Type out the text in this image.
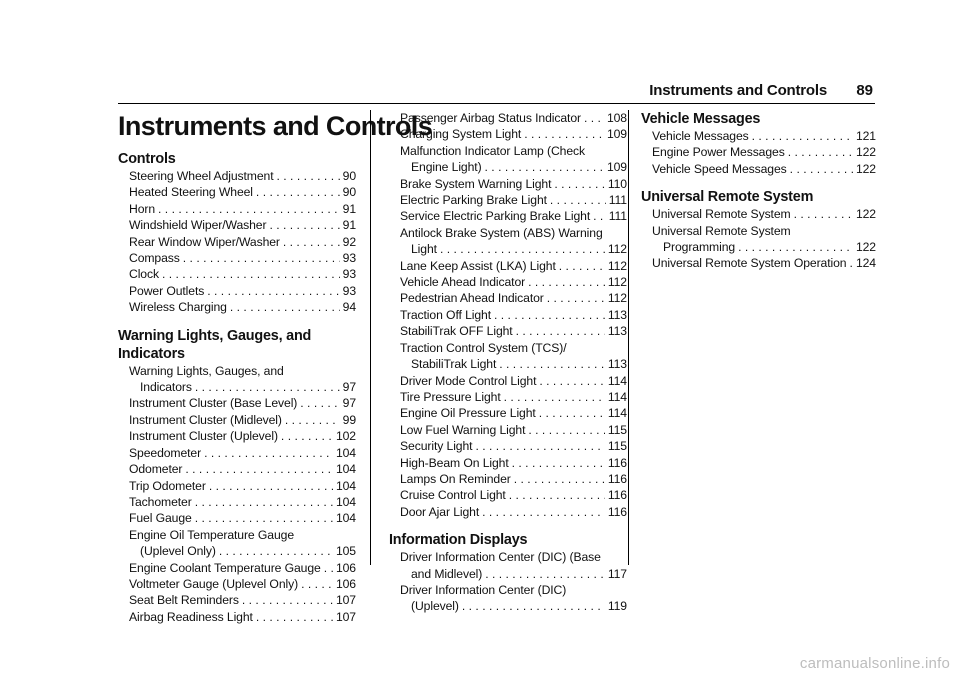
Instruments and Controls 89
Instruments and Controls
Controls
Steering Wheel Adjustment . . .	90
Heated Steering Wheel . . .	90
Horn . . .	91
Windshield Wiper/Washer . . .	91
Rear Window Wiper/Washer . . .	92
Compass . . .	93
Clock . . .	93
Power Outlets . . .	93
Wireless Charging . . .	94
Warning Lights, Gauges, and Indicators
Warning Lights, Gauges, and
Indicators . . .	97
Instrument Cluster (Base Level) . . .	97
Instrument Cluster (Midlevel) . . .	99
Instrument Cluster (Uplevel) . . .	102
Speedometer . . .	104
Odometer . . .	104
Trip Odometer . . .	104
Tachometer . . .	104
Fuel Gauge . . .	104
Engine Oil Temperature Gauge
(Uplevel Only) . . .	105
Engine Coolant Temperature Gauge . . . 106
Voltmeter Gauge (Uplevel Only) . . .	106
Seat Belt Reminders . . .	107
Airbag Readiness Light . . .	107
Passenger Airbag Status Indicator . . . 108
Charging System Light . . .	109
Malfunction Indicator Lamp (Check
Engine Light) . . .	109
Brake System Warning Light . . .	110
Electric Parking Brake Light . . .	111
Service Electric Parking Brake Light . . . 111
Antilock Brake System (ABS) Warning
Light . . .	112
Lane Keep Assist (LKA) Light . . .	112
Vehicle Ahead Indicator . . .	112
Pedestrian Ahead Indicator . . .	112
Traction Off Light . . .	113
StabiliTrak OFF Light . . .	113
Traction Control System (TCS)/
StabiliTrak Light . . .	113
Driver Mode Control Light . . .	114
Tire Pressure Light . . .	114
Engine Oil Pressure Light . . .	114
Low Fuel Warning Light . . .	115
Security Light . . .	115
High-Beam On Light . . .	116
Lamps On Reminder . . .	116
Cruise Control Light . . .	116
Door Ajar Light . . .	116
Information Displays
Driver Information Center (DIC) (Base
and Midlevel) . . .	117
Driver Information Center (DIC)
(Uplevel) . . .	119
Vehicle Messages
Vehicle Messages . . .	121
Engine Power Messages . . .	122
Vehicle Speed Messages . . .	122
Universal Remote System
Universal Remote System . . .	122
Universal Remote System
Programming . . .	122
Universal Remote System Operation . . . 124
carmanualsonline.info
